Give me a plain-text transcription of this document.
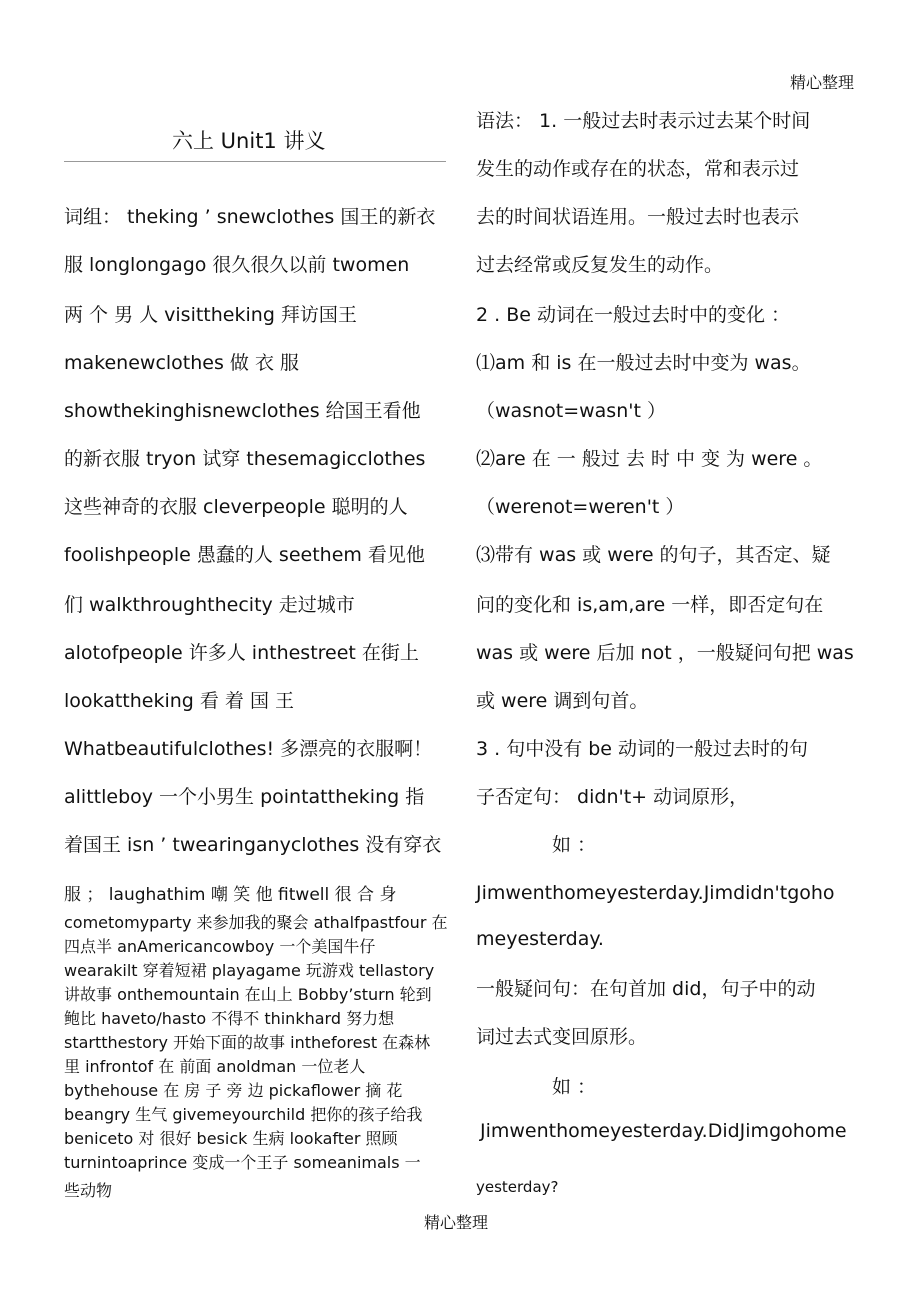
精心整理
六上 Unit1 讲义
词组： theking ’ snewclothes 国王的新衣
服 longlongago 很久很久以前 twomen
两 个 男 人 visittheking 拜访国王
makenewclothes 做 衣 服
showthekinghisnewclothes 给国王看他
的新衣服 tryon 试穿 thesemagicclothes
这些神奇的衣服 cleverpeople 聪明的人
foolishpeople 愚蠢的人 seethem 看见他
们 walkthroughthecity 走过城市
alotofpeople 许多人 inthestreet 在街上
lookattheking 看 着 国 王
Whatbeautifulclothes! 多漂亮的衣服啊！
alittleboy 一个小男生 pointattheking 指
着国王 isn ’ twearinganyclothes 没有穿衣
服 ； laughathim 嘲 笑 他 fitwell 很 合 身
cometomyparty 来参加我的聚会 athalfpastfour 在
四点半 anAmericancowboy 一个美国牛仔
wearakilt 穿着短裙 playagame 玩游戏 tellastory
讲故事 onthemountain 在山上 Bobby’sturn 轮到
鲍比 haveto/hasto 不得不 thinkhard 努力想
startthestory 开始下面的故事 intheforest 在森林
里 infrontof 在 前面 anoldman 一位老人
bythehouse 在 房 子 旁 边 pickaflower 摘 花
beangry 生气 givemeyourchild 把你的孩子给我
beniceto 对 很好 besick 生病 lookafter 照顾
turnintoaprince 变成一个王子 someanimals 一
些动物
语法： 1. 一般过去时表示过去某个时间
发生的动作或存在的状态，常和表示过
去的时间状语连用。一般过去时也表示
过去经常或反复发生的动作。
2 . Be 动词在一般过去时中的变化 ：
⑴am 和 is 在一般过去时中变为 was。
（wasnot=wasn't ）
⑵are 在 一 般过 去 时 中 变 为 were 。
（werenot=weren't ）
⑶带有 was 或 were 的句子，其否定、疑
问的变化和 is,am,are 一样，即否定句在
was 或 were 后加 not ，一般疑问句把 was
或 were 调到句首。
3 . 句中没有 be 动词的一般过去时的句
子否定句： didn't+ 动词原形，
如 ：
Jimwenthomeyesterday.Jimdidn'tgoho
meyesterday.
一般疑问句：在句首加 did，句子中的动
词过去式变回原形。
如 ：
Jimwenthomeyesterday.DidJimgohome
yesterday?
精心整理
